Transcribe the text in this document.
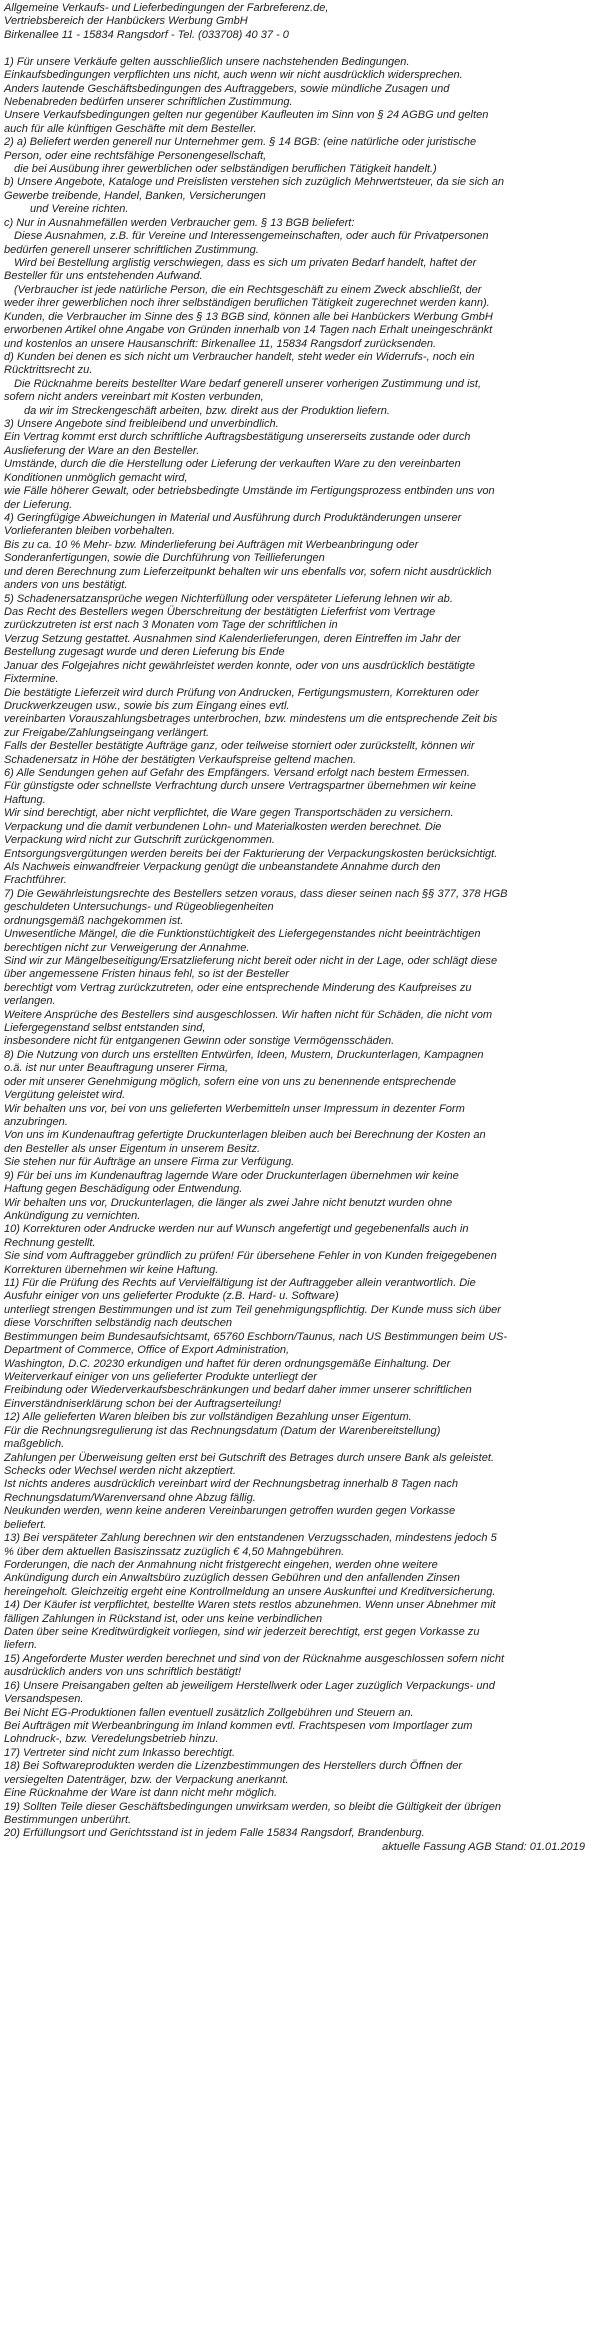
Allgemeine Verkaufs- und Lieferbedingungen der Farbreferenz.de,
Vertriebsbereich der Hanbückers Werbung GmbH
Birkenallee 11 - 15834 Rangsdorf - Tel. (033708) 40 37 - 0
1) Für unsere Verkäufe gelten ausschließlich unsere nachstehenden Bedingungen.
Einkaufsbedingungen verpflichten uns nicht, auch wenn wir nicht ausdrücklich widersprechen.
Anders lautende Geschäftsbedingungen des Auftraggebers, sowie mündliche Zusagen und
Nebenabreden bedürfen unserer schriftlichen Zustimmung.
Unsere Verkaufsbedingungen gelten nur gegenüber Kaufleuten im Sinn von § 24 AGBG und gelten
auch für alle künftigen Geschäfte mit dem Besteller.
2) a) Beliefert werden generell nur Unternehmer gem. § 14 BGB: (eine natürliche oder juristische
Person, oder eine rechtsfähige Personengesellschaft,
die bei Ausübung ihrer gewerblichen oder selbständigen beruflichen Tätigkeit handelt.)
b) Unsere Angebote, Kataloge und Preislisten verstehen sich zuzüglich Mehrwertsteuer, da sie sich an
Gewerbe treibende, Handel, Banken, Versicherungen
und Vereine richten.
c) Nur in Ausnahmefällen werden Verbraucher gem. § 13 BGB beliefert:
Diese Ausnahmen, z.B. für Vereine und Interessengemeinschaften, oder auch für Privatpersonen
bedürfen generell unserer schriftlichen Zustimmung.
Wird bei Bestellung arglistig verschwiegen, dass es sich um privaten Bedarf handelt, haftet der
Besteller für uns entstehenden Aufwand.
(Verbraucher ist jede natürliche Person, die ein Rechtsgeschäft zu einem Zweck abschließt, der
weder ihrer gewerblichen noch ihrer selbständigen beruflichen Tätigkeit zugerechnet werden kann).
Kunden, die Verbraucher im Sinne des § 13 BGB sind, können alle bei Hanbückers Werbung GmbH
erworbenen Artikel ohne Angabe von Gründen innerhalb von 14 Tagen nach Erhalt uneingeschränkt
und kostenlos an unsere Hausanschrift: Birkenallee 11, 15834 Rangsdorf zurücksenden.
d) Kunden bei denen es sich nicht um Verbraucher handelt, steht weder ein Widerrufs-, noch ein
Rücktrittsrecht zu.
Die Rücknahme bereits bestellter Ware bedarf generell unserer vorherigen Zustimmung und ist,
sofern nicht anders vereinbart mit Kosten verbunden,
da wir im Streckengeschäft arbeiten, bzw. direkt aus der Produktion liefern.
3) Unsere Angebote sind freibleibend und unverbindlich.
Ein Vertrag kommt erst durch schriftliche Auftragsbestätigung unsererseits zustande oder durch
Auslieferung der Ware an den Besteller.
Umstände, durch die die Herstellung oder Lieferung der verkauften Ware zu den vereinbarten
Konditionen unmöglich gemacht wird,
wie Fälle höherer Gewalt, oder betriebsbedingte Umstände im Fertigungsprozess entbinden uns von
der Lieferung.
4) Geringfügige Abweichungen in Material und Ausführung durch Produktänderungen unserer
Vorlieferanten bleiben vorbehalten.
Bis zu ca. 10 % Mehr- bzw. Minderlieferung bei Aufträgen mit Werbeanbringung oder
Sonderanfertigungen, sowie die Durchführung von Teillieferungen
und deren Berechnung zum Lieferzeitpunkt behalten wir uns ebenfalls vor, sofern nicht ausdrücklich
anders von uns bestätigt.
5) Schadenersatzansprüche wegen Nichterfüllung oder verspäteter Lieferung lehnen wir ab.
Das Recht des Bestellers wegen Überschreitung der bestätigten Lieferfrist vom Vertrage
zurückzutreten ist erst nach 3 Monaten vom Tage der schriftlichen in
Verzug Setzung gestattet. Ausnahmen sind Kalenderlieferungen, deren Eintreffen im Jahr der
Bestellung zugesagt wurde und deren Lieferung bis Ende
Januar des Folgejahres nicht gewährleistet werden konnte, oder von uns ausdrücklich bestätigte
Fixtermine.
Die bestätigte Lieferzeit wird durch Prüfung von Andrucken, Fertigungsmustern, Korrekturen oder
Druckwerkzeugen usw., sowie bis zum Eingang eines evtl.
vereinbarten Vorauszahlungsbetrages unterbrochen, bzw. mindestens um die entsprechende Zeit bis
zur Freigabe/Zahlungseingang verlängert.
Falls der Besteller bestätigte Aufträge ganz, oder teilweise storniert oder zurückstellt, können wir
Schadenersatz in Höhe der bestätigten Verkaufspreise geltend machen.
6) Alle Sendungen gehen auf Gefahr des Empfängers. Versand erfolgt nach bestem Ermessen.
Für günstigste oder schnellste Verfrachtung durch unsere Vertragspartner übernehmen wir keine
Haftung.
Wir sind berechtigt, aber nicht verpflichtet, die Ware gegen Transportschäden zu versichern.
Verpackung und die damit verbundenen Lohn- und Materialkosten werden berechnet. Die
Verpackung wird nicht zur Gutschrift zurückgenommen.
Entsorgungsvergütungen werden bereits bei der Fakturierung der Verpackungskosten berücksichtigt.
Als Nachweis einwandfreier Verpackung genügt die unbeanstandete Annahme durch den
Frachtführer.
7) Die Gewährleistungsrechte des Bestellers setzen voraus, dass dieser seinen nach §§ 377, 378 HGB
geschuldeten Untersuchungs- und Rügeobliegenheiten
ordnungsgemäß nachgekommen ist.
Unwesentliche Mängel, die die Funktionstüchtigkeit des Liefergegenstandes nicht beeinträchtigen
berechtigen nicht zur Verweigerung der Annahme.
Sind wir zur Mängelbeseitigung/Ersatzlieferung nicht bereit oder nicht in der Lage, oder schlägt diese
über angemessene Fristen hinaus fehl, so ist der Besteller
berechtigt vom Vertrag zurückzutreten, oder eine entsprechende Minderung des Kaufpreises zu
verlangen.
Weitere Ansprüche des Bestellers sind ausgeschlossen. Wir haften nicht für Schäden, die nicht vom
Liefergegenstand selbst entstanden sind,
insbesondere nicht für entgangenen Gewinn oder sonstige Vermögensschäden.
8) Die Nutzung von durch uns erstellten Entwürfen, Ideen, Mustern, Druckunterlagen, Kampagnen
o.ä. ist nur unter Beauftragung unserer Firma,
oder mit unserer Genehmigung möglich, sofern eine von uns zu benennende entsprechende
Vergütung geleistet wird.
Wir behalten uns vor, bei von uns gelieferten Werbemitteln unser Impressum in dezenter Form
anzubringen.
Von uns im Kundenauftrag gefertigte Druckunterlagen bleiben auch bei Berechnung der Kosten an
den Besteller als unser Eigentum in unserem Besitz.
Sie stehen nur für Aufträge an unsere Firma zur Verfügung.
9) Für bei uns im Kundenauftrag lagernde Ware oder Druckunterlagen übernehmen wir keine
Haftung gegen Beschädigung oder Entwendung.
Wir behalten uns vor, Druckunterlagen, die länger als zwei Jahre nicht benutzt wurden ohne
Ankündigung zu vernichten.
10) Korrekturen oder Andrucke werden nur auf Wunsch angefertigt und gegebenenfalls auch in
Rechnung gestellt.
Sie sind vom Auftraggeber gründlich zu prüfen! Für übersehene Fehler in von Kunden freigegebenen
Korrekturen übernehmen wir keine Haftung.
11) Für die Prüfung des Rechts auf Vervielfältigung ist der Auftraggeber allein verantwortlich. Die
Ausfuhr einiger von uns gelieferter Produkte (z.B. Hard- u. Software)
unterliegt strengen Bestimmungen und ist zum Teil genehmigungspflichtig. Der Kunde muss sich über
diese Vorschriften selbständig nach deutschen
Bestimmungen beim Bundesaufsichtsamt, 65760 Eschborn/Taunus, nach US Bestimmungen beim US-
Department of Commerce, Office of Export Administration,
Washington, D.C. 20230 erkundigen und haftet für deren ordnungsgemäße Einhaltung. Der
Weiterverkauf einiger von uns gelieferter Produkte unterliegt der
Freibindung oder Wiederverkaufsbeschränkungen und bedarf daher immer unserer schriftlichen
Einverständniserklärung schon bei der Auftragserteilung!
12) Alle gelieferten Waren bleiben bis zur vollständigen Bezahlung unser Eigentum.
Für die Rechnungsregulierung ist das Rechnungsdatum (Datum der Warenbereitstellung)
maßgeblich.
Zahlungen per Überweisung gelten erst bei Gutschrift des Betrages durch unsere Bank als geleistet.
Schecks oder Wechsel werden nicht akzeptiert.
Ist nichts anderes ausdrücklich vereinbart wird der Rechnungsbetrag innerhalb 8 Tagen nach
Rechnungsdatum/Warenversand ohne Abzug fällig.
Neukunden werden, wenn keine anderen Vereinbarungen getroffen wurden gegen Vorkasse
beliefert.
13) Bei verspäteter Zahlung berechnen wir den entstandenen Verzugsschaden, mindestens jedoch 5
% über dem aktuellen Basiszinssatz zuzüglich € 4,50 Mahngebühren.
Forderungen, die nach der Anmahnung nicht fristgerecht eingehen, werden ohne weitere
Ankündigung durch ein Anwaltsbüro zuzüglich dessen Gebühren und den anfallenden Zinsen
hereingeholt. Gleichzeitig ergeht eine Kontrollmeldung an unsere Auskunftei und Kreditversicherung.
14) Der Käufer ist verpflichtet, bestellte Waren stets restlos abzunehmen. Wenn unser Abnehmer mit
fälligen Zahlungen in Rückstand ist, oder uns keine verbindlichen
Daten über seine Kreditwürdigkeit vorliegen, sind wir jederzeit berechtigt, erst gegen Vorkasse zu
liefern.
15) Angeforderte Muster werden berechnet und sind von der Rücknahme ausgeschlossen sofern nicht
ausdrücklich anders von uns schriftlich bestätigt!
16) Unsere Preisangaben gelten ab jeweiligem Herstellwerk oder Lager zuzüglich Verpackungs- und
Versandspesen.
Bei Nicht EG-Produktionen fallen eventuell zusätzlich Zollgebühren und Steuern an.
Bei Aufträgen mit Werbeanbringung im Inland kommen evtl. Frachtspesen vom Importlager zum
Lohndruck-, bzw. Veredelungsbetrieb hinzu.
17) Vertreter sind nicht zum Inkasso berechtigt.
18) Bei Softwareprodukten werden die Lizenzbestimmungen des Herstellers durch Öffnen der
versiegelten Datenträger, bzw. der Verpackung anerkannt.
Eine Rücknahme der Ware ist dann nicht mehr möglich.
19) Sollten Teile dieser Geschäftsbedingungen unwirksam werden, so bleibt die Gültigkeit der übrigen
Bestimmungen unberührt.
20) Erfüllungsort und Gerichtsstand ist in jedem Falle 15834 Rangsdorf, Brandenburg.
aktuelle Fassung AGB Stand: 01.01.2019
